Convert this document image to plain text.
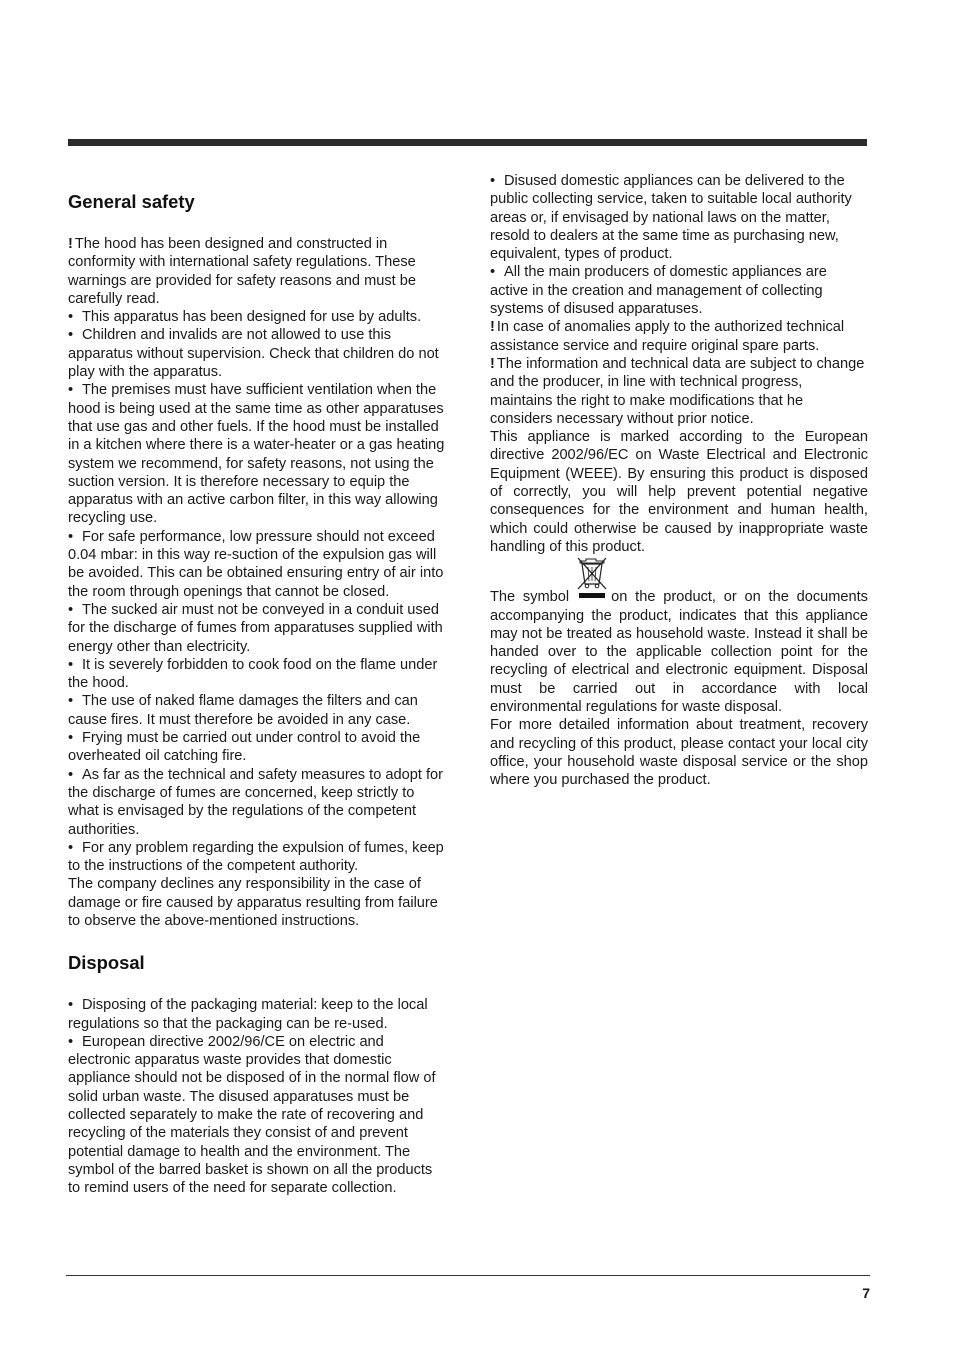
General safety

! The hood has been designed and constructed in conformity with international safety regulations. These warnings are provided for safety reasons and must be carefully read.

• This apparatus has been designed for use by adults.

• Children and invalids are not allowed to use this apparatus without supervision. Check that children do not play with the apparatus.

• The premises must have sufficient ventilation when the hood is being used at the same time as other apparatuses that use gas and other fuels. If the hood must be installed in a kitchen where there is a water-heater or a gas heating system we recommend, for safety reasons, not using the suction version. It is therefore necessary to equip the apparatus with an active carbon filter, in this way allowing recycling use.

• For safe performance, low pressure should not exceed 0.04 mbar: in this way re-suction of the expulsion gas will be avoided. This can be obtained ensuring entry of air into the room through openings that cannot be closed.

• The sucked air must not be conveyed in a conduit used for the discharge of fumes from apparatuses supplied with energy other than electricity.

• It is severely forbidden to cook food on the flame under the hood.

• The use of naked flame damages the filters and can cause fires. It must therefore be avoided in any case.

• Frying must be carried out under control to avoid the overheated oil catching fire.

• As far as the technical and safety measures to adopt for the discharge of fumes are concerned, keep strictly to what is envisaged by the regulations of the competent authorities.

• For any problem regarding the expulsion of fumes, keep to the instructions of the competent authority.

The company declines any responsibility in the case of damage or fire caused by apparatus resulting from failure to observe the above-mentioned instructions.

Disposal

• Disposing of the packaging material: keep to the local regulations so that the packaging can be re-used.

• European directive 2002/96/CE on electric and electronic apparatus waste provides that domestic appliance should not be disposed of in the normal flow of solid urban waste. The disused apparatuses must be collected separately to make the rate of recovering and recycling of the materials they consist of and prevent potential damage to health and the environment. The symbol of the barred basket is shown on all the products to remind users of the need for separate collection.

• Disused domestic appliances can be delivered to the public collecting service, taken to suitable local authority areas or, if envisaged by national laws on the matter, resold to dealers at the same time as purchasing new, equivalent, types of product.

• All the main producers of domestic appliances are active in the creation and management of collecting systems of disused apparatuses.

! In case of anomalies apply to the authorized technical assistance service and require original spare parts.

! The information and technical data are subject to change and the producer, in line with technical progress, maintains the right to make modifications that he considers necessary without prior notice.

This appliance is marked according to the European directive 2002/96/EC on Waste Electrical and Electronic Equipment (WEEE). By ensuring this product is disposed of correctly, you will help prevent potential negative consequences for the environment and human health, which could otherwise be caused by inappropriate waste handling of this product.

The symbol	on the product, or on the documents accompanying the product, indicates that this appliance may not be treated as household waste. Instead it shall be handed over to the applicable collection point for the recycling of electrical and electronic equipment. Disposal must be carried out in accordance with local environmental regulations for waste disposal.

For more detailed information about treatment, recovery and recycling of this product, please contact your local city office, your household waste disposal service or the shop where you purchased the product.

7
